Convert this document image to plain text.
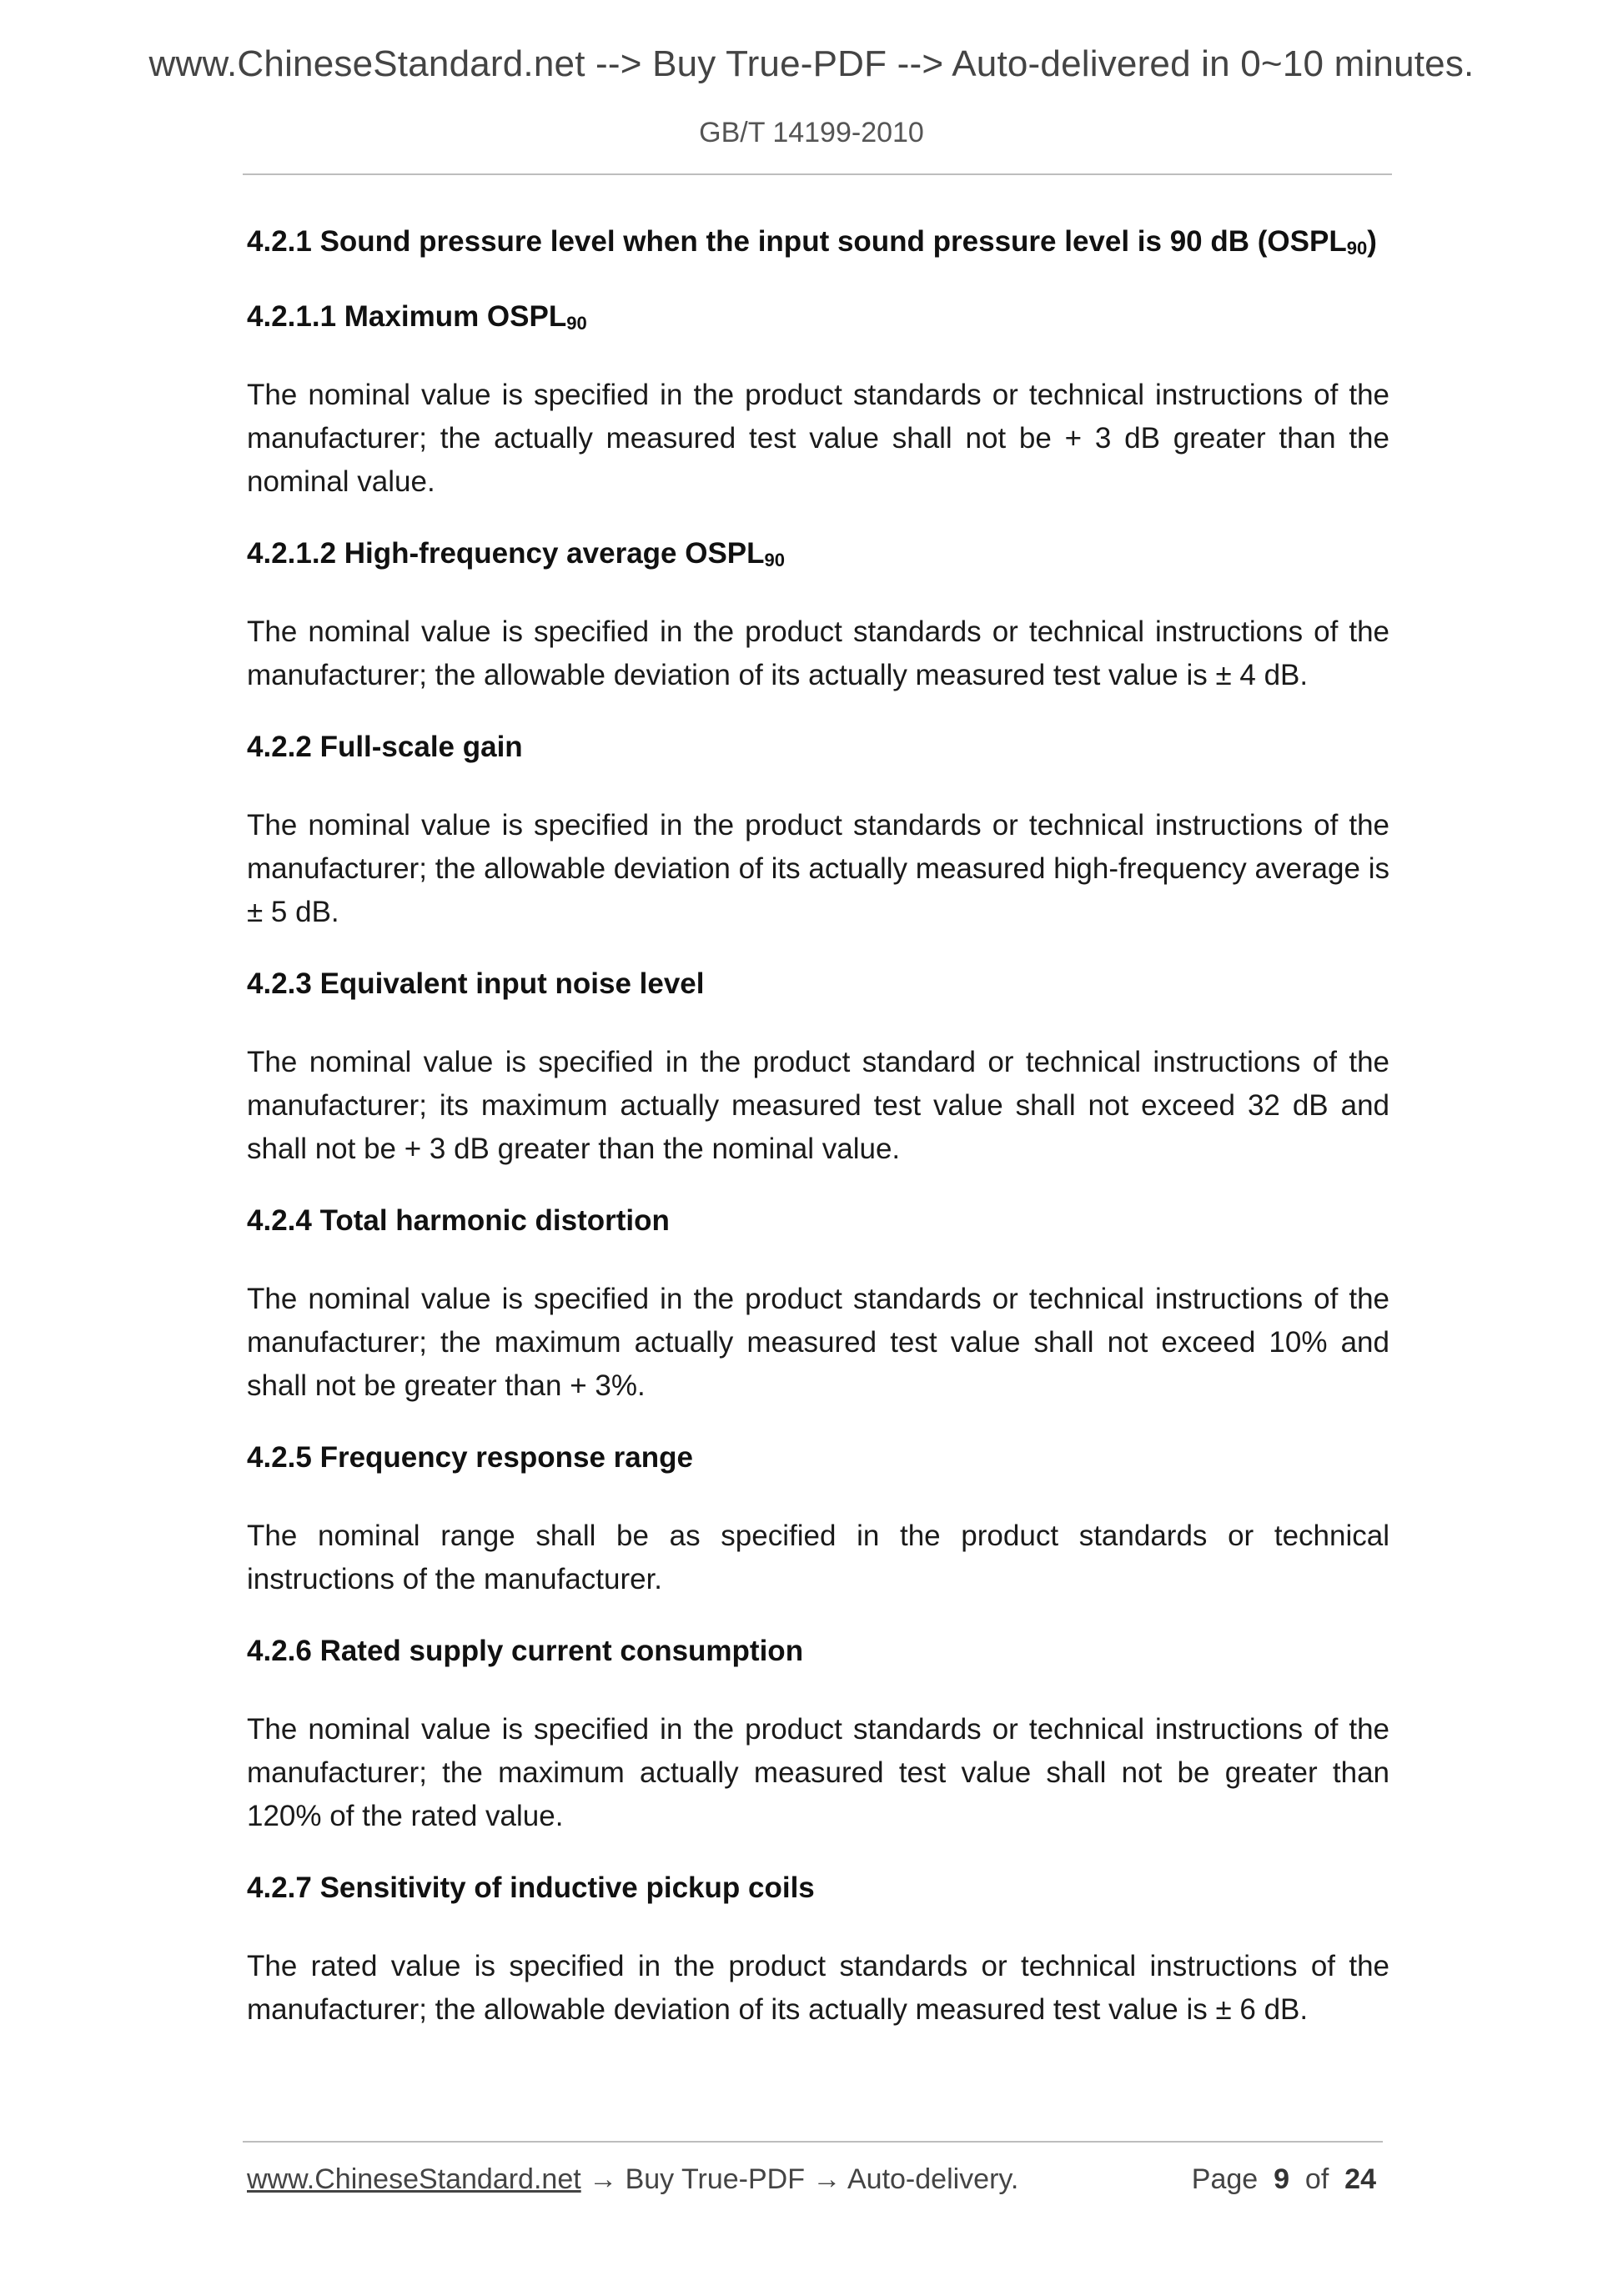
www.ChineseStandard.net --> Buy True-PDF --> Auto-delivered in 0~10 minutes.
GB/T 14199-2010
4.2.1 Sound pressure level when the input sound pressure level is 90 dB $(OSPL_{90})$
4.2.1.1 Maximum $OSPL_{90}$

The nominal value is specified in the product standards or technical instructions of the manufacturer; the actually measured test value shall not be + 3 dB greater than the nominal value.

4.2.1.2 High-frequency average $OSPL_{90}$

The nominal value is specified in the product standards or technical instructions of the manufacturer; the allowable deviation of its actually measured test value is ± 4 dB.

4.2.2 Full-scale gain

The nominal value is specified in the product standards or technical instructions of the manufacturer; the allowable deviation of its actually measured high-frequency average is ± 5 dB.

4.2.3 Equivalent input noise level

The nominal value is specified in the product standard or technical instructions of the manufacturer; its maximum actually measured test value shall not exceed 32 dB and shall not be + 3 dB greater than the nominal value.

4.2.4 Total harmonic distortion

The nominal value is specified in the product standards or technical instructions of the manufacturer; the maximum actually measured test value shall not exceed 10% and shall not be greater than + 3%.

4.2.5 Frequency response range

The nominal range shall be as specified in the product standards or technical instructions of the manufacturer.

4.2.6 Rated supply current consumption

The nominal value is specified in the product standards or technical instructions of the manufacturer; the maximum actually measured test value shall not be greater than 120% of the rated value.

4.2.7 Sensitivity of inductive pickup coils

The rated value is specified in the product standards or technical instructions of the manufacturer; the allowable deviation of its actually measured test value is ± 6 dB.

www.ChineseStandard.net → Buy True-PDF → Auto-delivery.	Page 9 of 24
